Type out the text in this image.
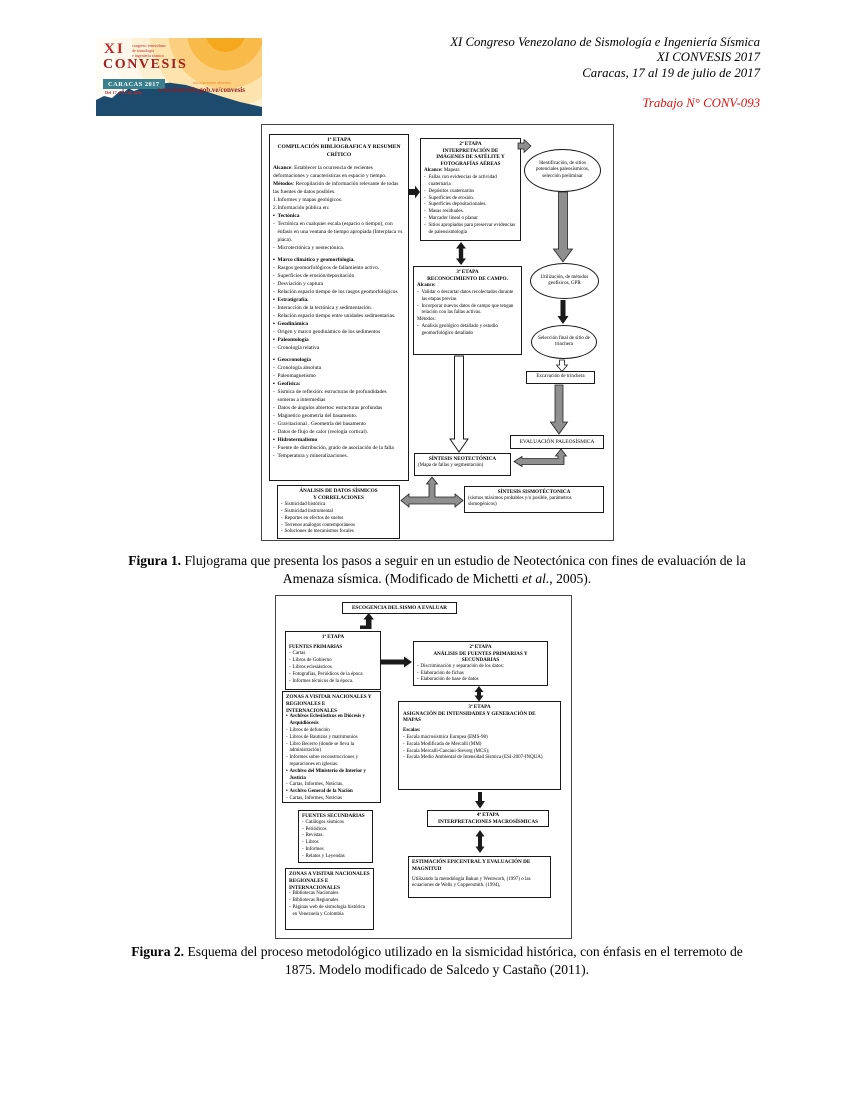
XI congreso venezolano
de sismología
e ingeniería sísmica
CONVESIS
CARACAS 2017
Del 17 al 19 de julio
inscripciones abiertas
www.funvisis.gob.ve/convesis
XI Congreso Venezolano de Sismología e Ingeniería Sísmica
XI CONVESIS 2017
Caracas, 17 al 19 de julio de 2017
Trabajo N° CONV-093
1ª ETAPA
COMPILACIÓN BIBLIOGRAFICA Y RESUMEN
CRÍTICO
Alcance: Establecer la ocurrencia de recientes deformaciones y características en espacio y tiempo.
Métodos: Recopilación de información relevante de todas las fuentes de datos posibles.
1. Informes y mapas geológicos.
2. Información pública en:
▪ Tectónica
- Tectónica en cualquier escala (espacio o tiempo), con énfasis en una ventana de tiempo apropiada (Interplaca vs placa).
- Microtectónica y neotectónica.
▪ Marco climático y geomorfología.
- Rasgos geomorfológicos de fallamiento activo.
- Superficies de erosión/depositación
- Desviación y captura
- Relación espacio tiempo de los rasgos geomorfológicos
▪ Estratigrafía.
- Interacción de la tectónica y sedimentación.
- Relación espacio tiempo entre unidades sedimentarias.
▪ Geodinámica
- Origen y marco geodinámico de los sedimentos
▪ Paleontología
- Cronología relativa
▪ Geocronología
- Cronología absoluta
- Paleomagnetismo
▪ Geofísica:
- Sísmica de reflexión: estructuras de profundidades someras a intermedias
- Datos de ángulos abiertos: estructuras profundas
- Magnetico geometría del basamento.
- Gravitacional . Geometría del basamento
- Datos de flujo de calor (reología cortical).
▪ Hidrotermalismo
- Fuente de distribución, grado de asociación de la falla
- Temperatura y mineralizaciones.
2ª ETAPA
INTERPRETACIÓN DE
IMÁGENES DE SATÉLITE Y
FOTOGRAFÍAS AÉREAS
Alcance: Mapear.
- Fallas con evidencias de actividad cuaternaria
- Depósitos cuaternarios
- Superficies de erosión.
- Superficies depositacionales.
- Masas residuales.
- Marcador lineal o planar
- Sitios apropiados para preservar evidencias de paleosismología
3ª ETAPA
RECONOCIMIENTO DE CAMPO.
Alcance:
- Validar o descartar datos recolectados durante las etapas previas
- Incorporar nuevos datos de campo que tengan relación con las fallas activas.
Métodos:
- Análisis geológico detallado y estudio geomorfológico detallado
Identificación, de sitios potenciales paleosísmicos, selección preliminar
Utilización, de métodos geofísicos, GPR
Selección final de sitio de trinchera
Excavación de trinchera
EVALUACIÓN PALEOSÍSMICA
SÍNTESIS NEOTECTÓNICA
(Mapa de fallas y segmentación)
SÍNTESIS SISMOTÉCTONICA
(sismos máximos probables y/o posible, parámetros sismogénicos)
ÁNALISIS DE DATOS SÍSMICOS
Y CORRELACIONES
- Sismicidad histórica
- Sismicidad instrumental
- Reportes en efectos de suelos
- Terrenos análogos contemporáneos
- Soluciones de mecanismos focales
Figura 1. Flujograma que presenta los pasos a seguir en un estudio de Neotectónica con fines de evaluación de la Amenaza sísmica. (Modificado de Michetti et al., 2005).
ESCOGENCIA DEL SISMO A EVALUAR
1ª ETAPA
FUENTES PRIMARIAS
- Cartas
- Libros de Gobierno
- Libros eclesiásticos
- Fotografías, Periódicos de la época
- Informes técnicos de la época.
2ª ETAPA
ANÁLISIS DE FUENTES PRIMARIAS Y
SECUNDARIAS
- Discriminación y separación de los datos:
- Elaboración de fichas
- Elaboración de base de datos
ZONAS A VISITAR NACIONALES Y REGIONALES E INTERNACIONALES
• Archivos Eclesiásticos en Diócesis y Arquidiócesis
- Libros de defunción
- Libros de Bautizos y matrimonios
- Libro Becerro (donde se lleva la administración)
- Informes sobre reconstrucciones y reparaciones en iglesias.
• Archivo del Ministerio de Interior y Justicia
- Cartas, Informes, Noticias.
• Archivo General de la Nación
- Cartas, Informes, Noticias
3ª ETAPA
ASIGNACIÓN DE INTENSIDADES Y GENERACIÓN DE
MAPAS
Escalas:
- Escala macrosísmica Europea (EMS-98)
- Escala Modificada de Mercalli (MM)
- Escala Mercalli-Cancani-Sieverg (MCS);
- Escala Medio Ambiental de Intensidad Sísmica (ESI-2007-INQUA)
FUENTES SECUNDARIAS
- Catálogos sísmicos
- Periódicos
- Revistas.
- Libros
- Informes
- Relatos y Leyendas
4ª ETAPA
INTERPRETACIONES MACROSÍSMICAS
ZONAS A VISITAR NACIONALES REGIONALES E INTERNACIONALES
- Bibliotecas Nacionales
- Bibliotecas Regionales
- Páginas web de sismología histórica en Venezuela y Colombia
ESTIMACIÓN EPICENTRAL Y EVALUACIÓN DE
MAGNITUD
Utilizando la metodología Bakun y Wentworh, (1997) o las ecuaciones de Wells y Coppersmith. (1994),
Figura 2. Esquema del proceso metodológico utilizado en la sismicidad histórica, con énfasis en el terremoto de 1875. Modelo modificado de Salcedo y Castaño (2011).
